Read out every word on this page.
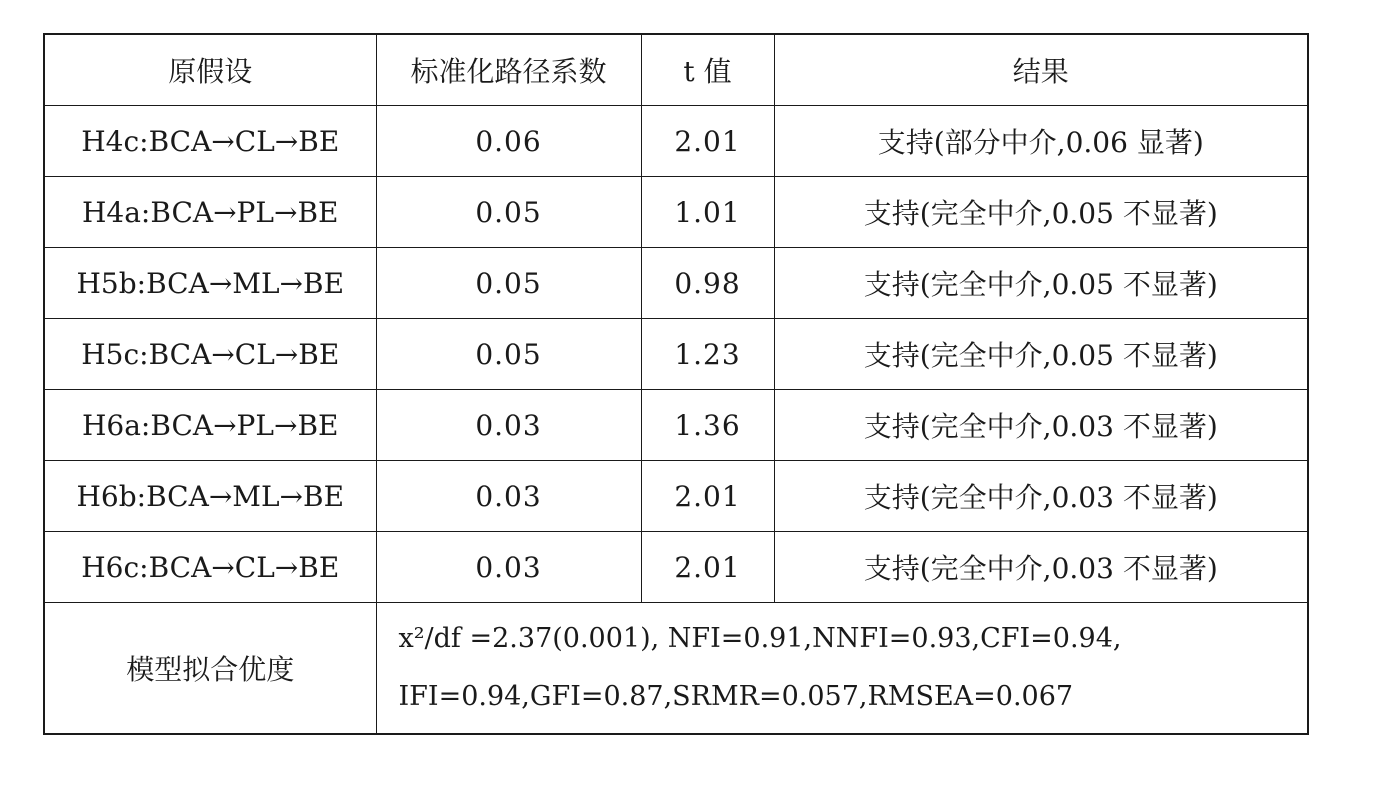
原假设	标准化路径系数	t 值	结果
H4c:BCA→CL→BE	0.06	2.01	支持(部分中介,0.06 显著)
H4a:BCA→PL→BE	0.05	1.01	支持(完全中介,0.05 不显著)
H5b:BCA→ML→BE	0.05	0.98	支持(完全中介,0.05 不显著)
H5c:BCA→CL→BE	0.05	1.23	支持(完全中介,0.05 不显著)
H6a:BCA→PL→BE	0.03	1.36	支持(完全中介,0.03 不显著)
H6b:BCA→ML→BE	0.03	2.01	支持(完全中介,0.03 不显著)
H6c:BCA→CL→BE	0.03	2.01	支持(完全中介,0.03 不显著)
模型拟合优度	x²/df =2.37(0.001), NFI=0.91,NNFI=0.93,CFI=0.94,
IFI=0.94,GFI=0.87,SRMR=0.057,RMSEA=0.067		
